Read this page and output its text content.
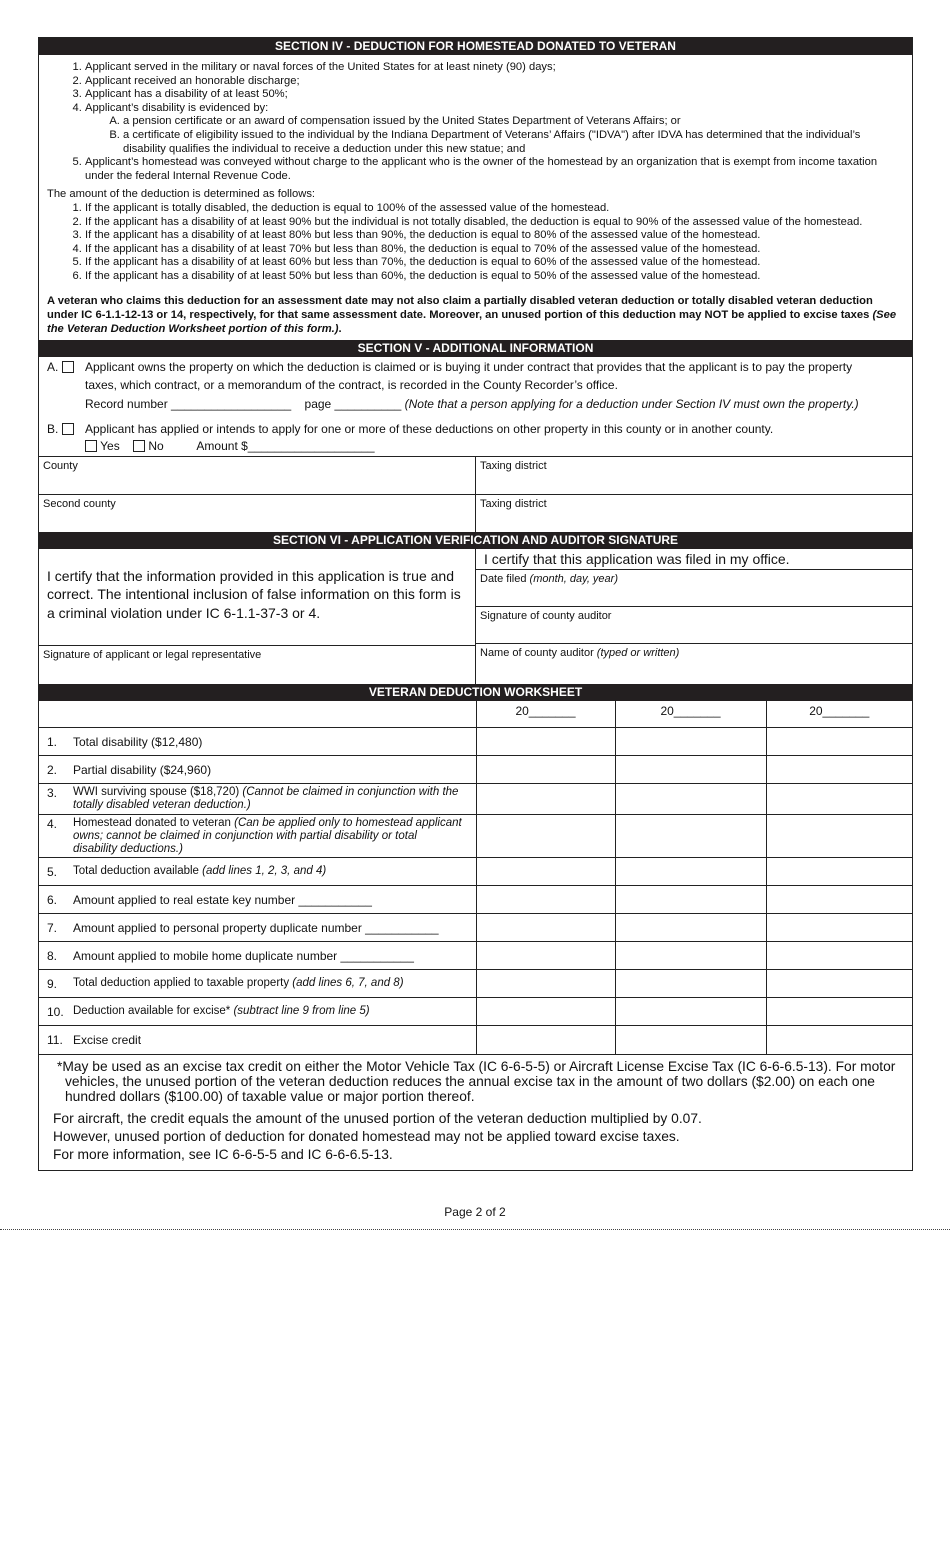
SECTION IV - DEDUCTION FOR HOMESTEAD DONATED TO VETERAN
1. Applicant served in the military or naval forces of the United States for at least ninety (90) days;
2. Applicant received an honorable discharge;
3. Applicant has a disability of at least 50%;
4. Applicant’s disability is evidenced by:
A. a pension certificate or an award of compensation issued by the United States Department of Veterans Affairs; or
B. a certificate of eligibility issued to the individual by the Indiana Department of Veterans’ Affairs ("IDVA") after IDVA has determined that the individual’s disability qualifies the individual to receive a deduction under this new statue; and
5. Applicant’s homestead was conveyed without charge to the applicant who is the owner of the homestead by an organization that is exempt from income taxation under the federal Internal Revenue Code.
The amount of the deduction is determined as follows:
1. If the applicant is totally disabled, the deduction is equal to 100% of the assessed value of the homestead.
2. If the applicant has a disability of at least 90% but the individual is not totally disabled, the deduction is equal to 90% of the assessed value of the homestead.
3. If the applicant has a disability of at least 80% but less than 90%, the deduction is equal to 80% of the assessed value of the homestead.
4. If the applicant has a disability of at least 70% but less than 80%, the deduction is equal to 70% of the assessed value of the homestead.
5. If the applicant has a disability of at least 60% but less than 70%, the deduction is equal to 60% of the assessed value of the homestead.
6. If the applicant has a disability of at least 50% but less than 60%, the deduction is equal to 50% of the assessed value of the homestead.
A veteran who claims this deduction for an assessment date may not also claim a partially disabled veteran deduction or totally disabled veteran deduction under IC 6-1.1-12-13 or 14, respectively, for that same assessment date. Moreover, an unused portion of this deduction may NOT be applied to excise taxes (See the Veteran Deduction Worksheet portion of this form.).
SECTION V - ADDITIONAL INFORMATION
A.	Applicant owns the property on which the deduction is claimed or is buying it under contract that provides that the applicant is to pay the property
taxes, which contract, or a memorandum of the contract, is recorded in the County Recorder’s office.
Record number __________________ page __________ (Note that a person applying for a deduction under Section IV must own the property.)
B.	Applicant has applied or intends to apply for one or more of these deductions on other property in this county or in another county.
Yes No	Amount $___________________
County	Taxing district
Second county	Taxing district
SECTION VI - APPLICATION VERIFICATION AND AUDITOR SIGNATURE
I certify that the information provided in this application is true and correct. The intentional inclusion of false information on this form is a criminal violation under IC 6-1.1-37-3 or 4.
Signature of applicant or legal representative
I certify that this application was filed in my office.
Date filed (month, day, year)
Signature of county auditor
Name of county auditor (typed or written)
VETERAN DEDUCTION WORKSHEET
	20_______	20_______	20_______
1. Total disability ($12,480)			
2. Partial disability ($24,960)			
3. WWI surviving spouse ($18,720) (Cannot be claimed in conjunction with the totally disabled veteran deduction.)			
4. Homestead donated to veteran (Can be applied only to homestead applicant owns; cannot be claimed in conjunction with partial disability or total disability deductions.)			
5. Total deduction available (add lines 1, 2, 3, and 4)			
6. Amount applied to real estate key number ___________			
7. Amount applied to personal property duplicate number ___________			
8. Amount applied to mobile home duplicate number ___________			
9. Total deduction applied to taxable property (add lines 6, 7, and 8)			
10. Deduction available for excise* (subtract line 9 from line 5)			
11. Excise credit			

*May be used as an excise tax credit on either the Motor Vehicle Tax (IC 6-6-5-5) or Aircraft License Excise Tax (IC 6-6-6.5-13). For motor vehicles, the unused portion of the veteran deduction reduces the annual excise tax in the amount of two dollars ($2.00) on each one hundred dollars ($100.00) of taxable value or major portion thereof.

For aircraft, the credit equals the amount of the unused portion of the veteran deduction multiplied by 0.07.

However, unused portion of deduction for donated homestead may not be applied toward excise taxes.

For more information, see IC 6-6-5-5 and IC 6-6-6.5-13.

Page 2 of 2
